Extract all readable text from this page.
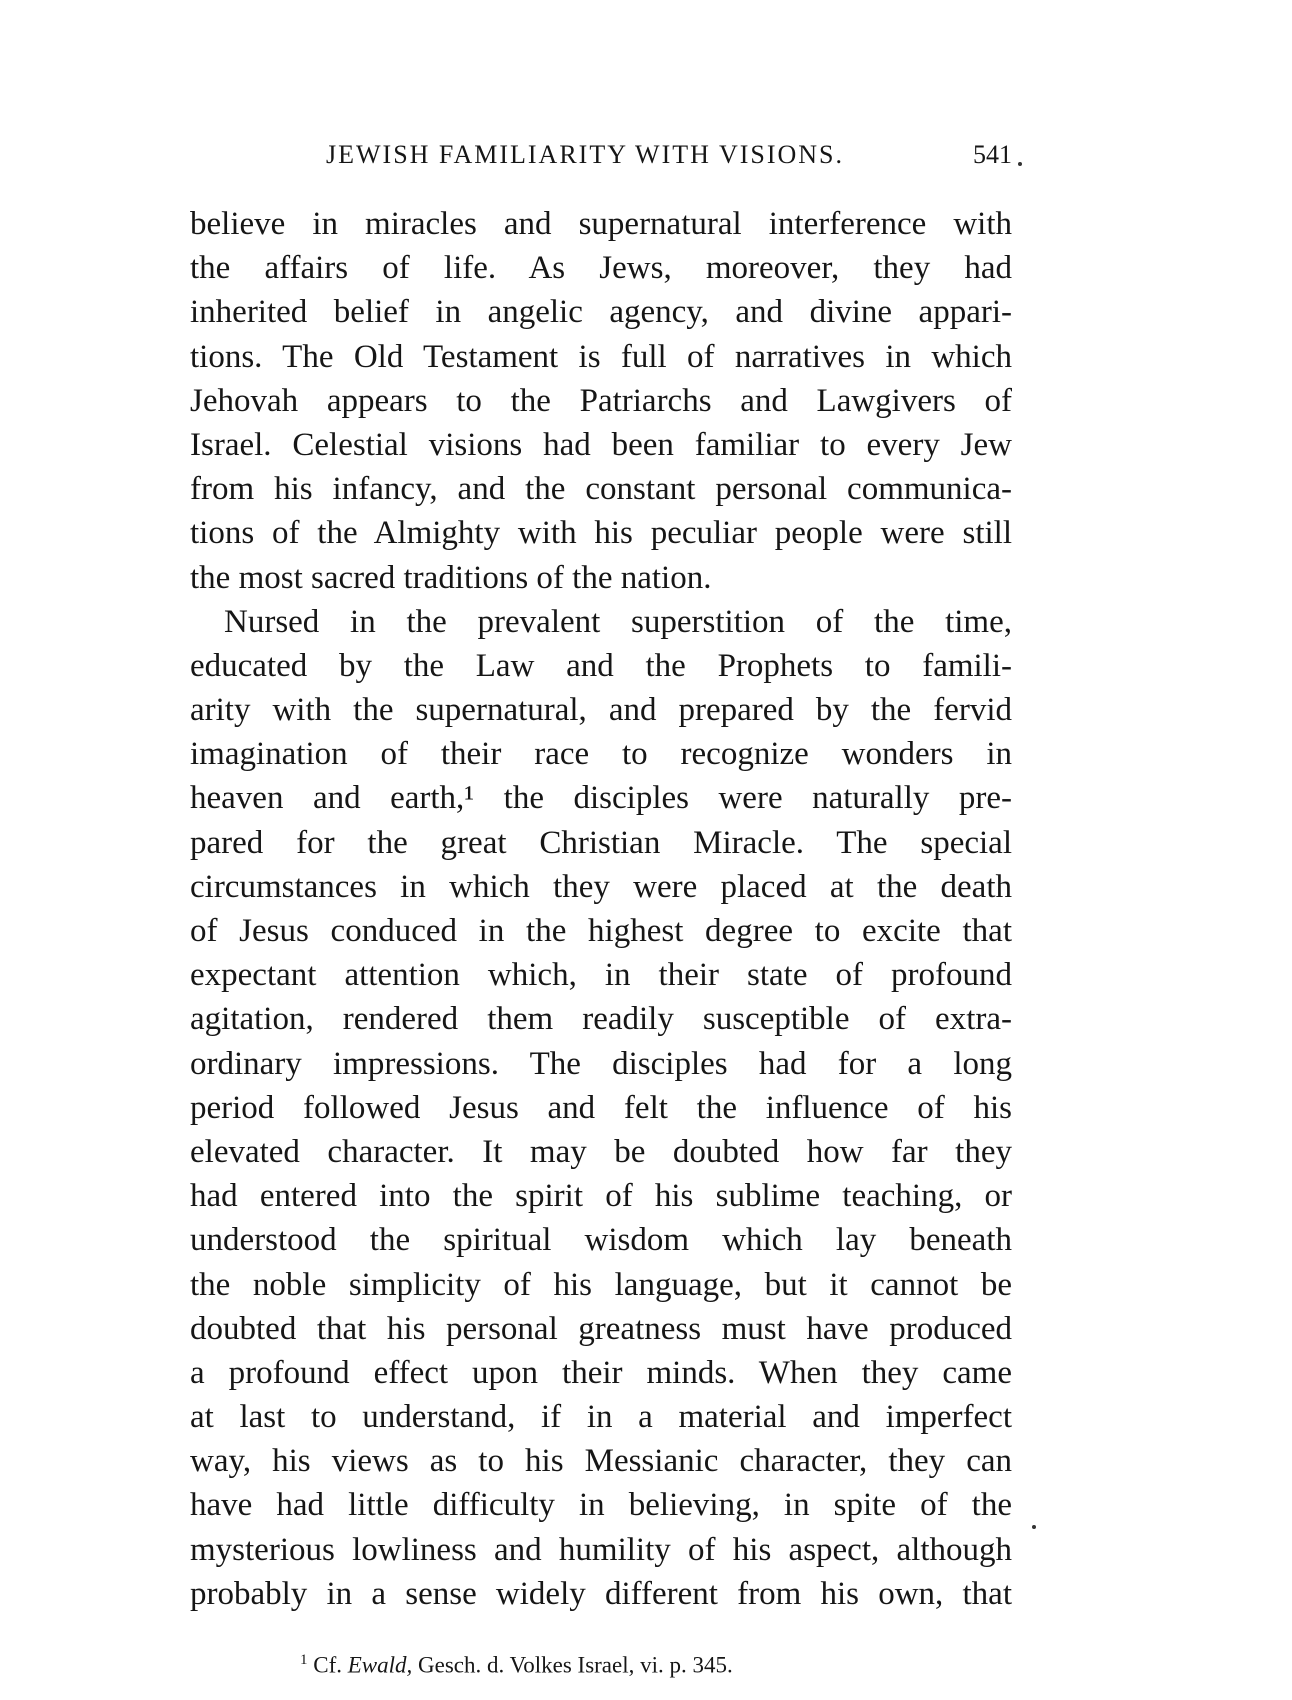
JEWISH FAMILIARITY WITH VISIONS.	541
believe in miracles and supernatural interference with
the affairs of life. As Jews, moreover, they had
inherited belief in angelic agency, and divine appari-
tions. The Old Testament is full of narratives in which
Jehovah appears to the Patriarchs and Lawgivers of
Israel. Celestial visions had been familiar to every Jew
from his infancy, and the constant personal communica-
tions of the Almighty with his peculiar people were still
the most sacred traditions of the nation.
Nursed in the prevalent superstition of the time,
educated by the Law and the Prophets to famili-
arity with the supernatural, and prepared by the fervid
imagination of their race to recognize wonders in
heaven and earth,¹ the disciples were naturally pre-
pared for the great Christian Miracle. The special
circumstances in which they were placed at the death
of Jesus conduced in the highest degree to excite that
expectant attention which, in their state of profound
agitation, rendered them readily susceptible of extra-
ordinary impressions. The disciples had for a long
period followed Jesus and felt the influence of his
elevated character. It may be doubted how far they
had entered into the spirit of his sublime teaching, or
understood the spiritual wisdom which lay beneath
the noble simplicity of his language, but it cannot be
doubted that his personal greatness must have produced
a profound effect upon their minds. When they came
at last to understand, if in a material and imperfect
way, his views as to his Messianic character, they can
have had little difficulty in believing, in spite of the
mysterious lowliness and humility of his aspect, although
probably in a sense widely different from his own, that
$^1$ Cf. Ewald, Gesch. d. Volkes Israel, vi. p. 345.
